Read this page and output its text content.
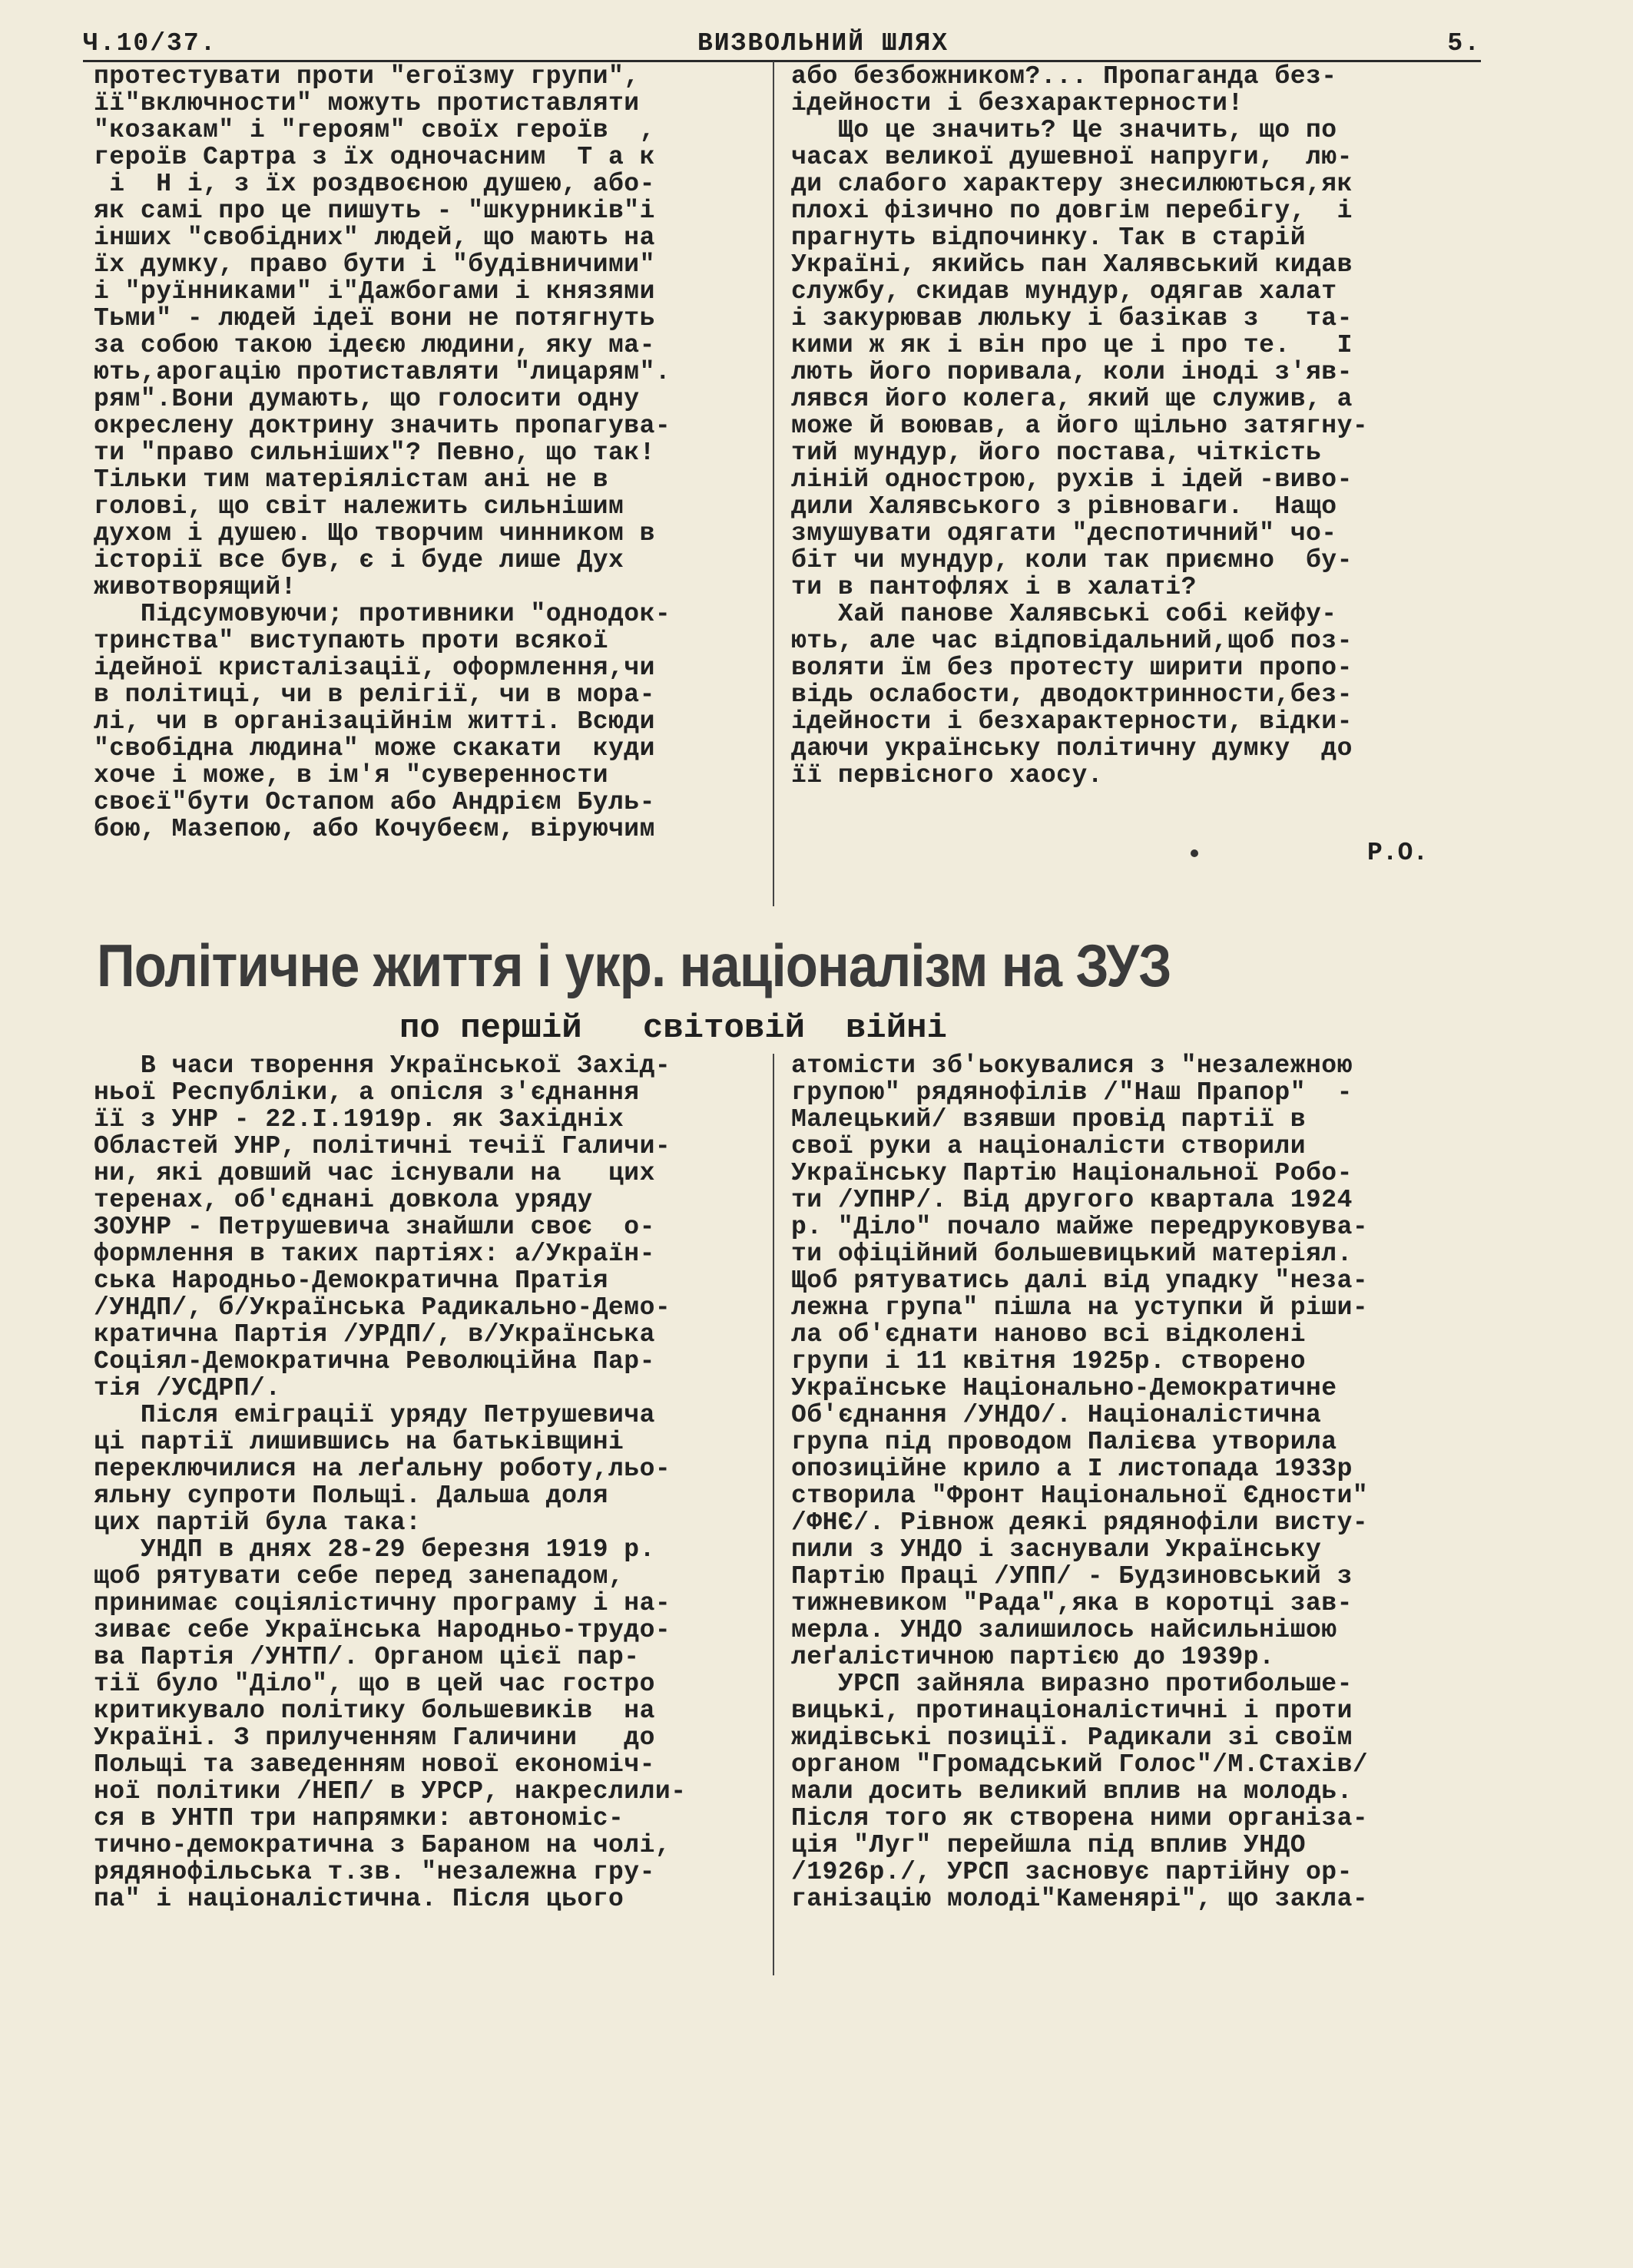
Ч.10/37.	ВИЗВОЛЬНИЙ ШЛЯХ	5.
протестувати проти "егоїзму групи",
її"включности" можуть протиставляти
"козакам" і "героям" своїх героїв  ,
героїв Сартра з їх одночасним  Т а к
і  Н і, з їх роздвоєною душею, або-
як самі про це пишуть - "шкурників"і
інших "свобідних" людей, що мають на
їх думку, право бути і "будівничими"
і "руїнниками" і"Дажбогами і князями
Тьми" - людей ідеї вони не потягнуть
за собою такою ідеєю людини, яку ма-
ють,арогацію протиставляти "лицарям".
рям".Вони думають, що голосити одну
окреслену доктрину значить пропагува-
ти "право сильніших"? Певно, що так!
Тільки тим матеріялістам ані не в
голові, що світ належить сильнішим
духом і душею. Що творчим чинником в
історії все був, є і буде лише Дух
животворящий!
Підсумовуючи; противники "однодок-
тринства" виступають проти всякої
ідейної кристалізації, оформлення,чи
в політиці, чи в релігії, чи в мора-
лі, чи в організаційнім житті. Всюди
"свобідна людина" може скакати  куди
хоче і може, в ім'я "суверенности
своєї"бути Остапом або Андрієм Буль-
бою, Мазепою, або Кочубеєм, віруючим
або безбожником?... Пропаганда без-
ідейности і безхарактерности!
Що це значить? Це значить, що по
часах великої душевної напруги,  лю-
ди слабого характеру знесилюються,як
плохі фізично по довгім перебігу,  і
прагнуть відпочинку. Так в старій
Україні, якийсь пан Халявський кидав
службу, скидав мундур, одягав халат
і закурював люльку і базікав з   та-
кими ж як і він про це і про те.   І
лють його поривала, коли іноді з'яв-
лявся його колега, який ще служив, а
може й воював, а його щільно затягну-
тий мундур, його постава, чіткість
ліній однострою, рухів і ідей -виво-
дили Халявського з рівноваги.  Нащо
змушувати одягати "деспотичний" чо-
біт чи мундур, коли так приємно  бу-
ти в пантофлях і в халаті?
Хай панове Халявські собі кейфу-
ють, але час відповідальний,щоб поз-
воляти їм без протесту ширити пропо-
відь ослабости, дводоктринности,без-
ідейности і безхарактерности, відки-
даючи українську політичну думку  до
її первісного хаосу.
Р.О.
Політичне життя і укр. націоналізм на ЗУЗ
по першій   світовій  війні
В часи творення Української Захід-
ньої Республіки, а опісля з'єднання
її з УНР - 22.І.1919р. як Західніх
Областей УНР, політичні течії Галичи-
ни, які довший час існували на   цих
теренах, об'єднані довкола уряду
ЗОУНР - Петрушевича знайшли своє  о-
формлення в таких партіях: а/Україн-
ська Народньо-Демократична Пратія
/УНДП/, б/Українська Радикально-Демо-
кратична Партія /УРДП/, в/Українська
Соціял-Демократична Революційна Пар-
тія /УСДРП/.
Після еміграції уряду Петрушевича
ці партії лишившись на батьківщині
переключилися на леґальну роботу,льо-
яльну супроти Польщі. Дальша доля
цих партій була така:
УНДП в днях 28-29 березня 1919 р.
щоб рятувати себе перед занепадом,
принимає соціялістичну програму і на-
зиває себе Українська Народньо-трудо-
ва Партія /УНТП/. Органом цієї пар-
тії було "Діло", що в цей час гостро
критикувало політику большевиків  на
Україні. З прилученням Галичини   до
Польщі та заведенням нової економіч-
ної політики /НЕП/ в УРСР, накреслили-
ся в УНТП три напрямки: автономіс-
тично-демократична з Бараном на чолі,
рядянофільська т.зв. "незалежна гру-
па" і націоналістична. Після цього
атомісти зб'ьокувалися з "незалежною
групою" рядянофілів /"Наш Прапор"  -
Малецький/ взявши провід партії в
свої руки а націоналісти створили
Українську Партію Національної Робо-
ти /УПНР/. Від другого квартала 1924
р. "Діло" почало майже передруковува-
ти офіційний большевицький матеріял.
Щоб рятуватись далі від упадку "неза-
лежна група" пішла на уступки й ріши-
ла об'єднати наново всі відколені
групи і 11 квітня 1925р. створено
Українське Національно-Демократичне
Об'єднання /УНДО/. Націоналістична
група під проводом Палієва утворила
опозиційне крило а І листопада 1933р
створила "Фронт Національної Єдности"
/ФНЄ/. Рівнож деякі рядянофіли висту-
пили з УНДО і заснували Українську
Партію Праці /УПП/ - Будзиновський з
тижневиком "Рада",яка в коротці зав-
мерла. УНДО залишилось найсильнішою
леґалістичною партією до 1939р.
УРСП зайняла виразно протибольше-
вицькі, протинаціоналістичні і проти
жидівські позиції. Радикали зі своїм
органом "Громадський Голос"/М.Стахів/
мали досить великий вплив на молодь.
Після того як створена ними організа-
ція "Луг" перейшла під вплив УНДО
/1926р./, УРСП засновує партійну ор-
ганізацію молоді"Каменярі", що закла-
